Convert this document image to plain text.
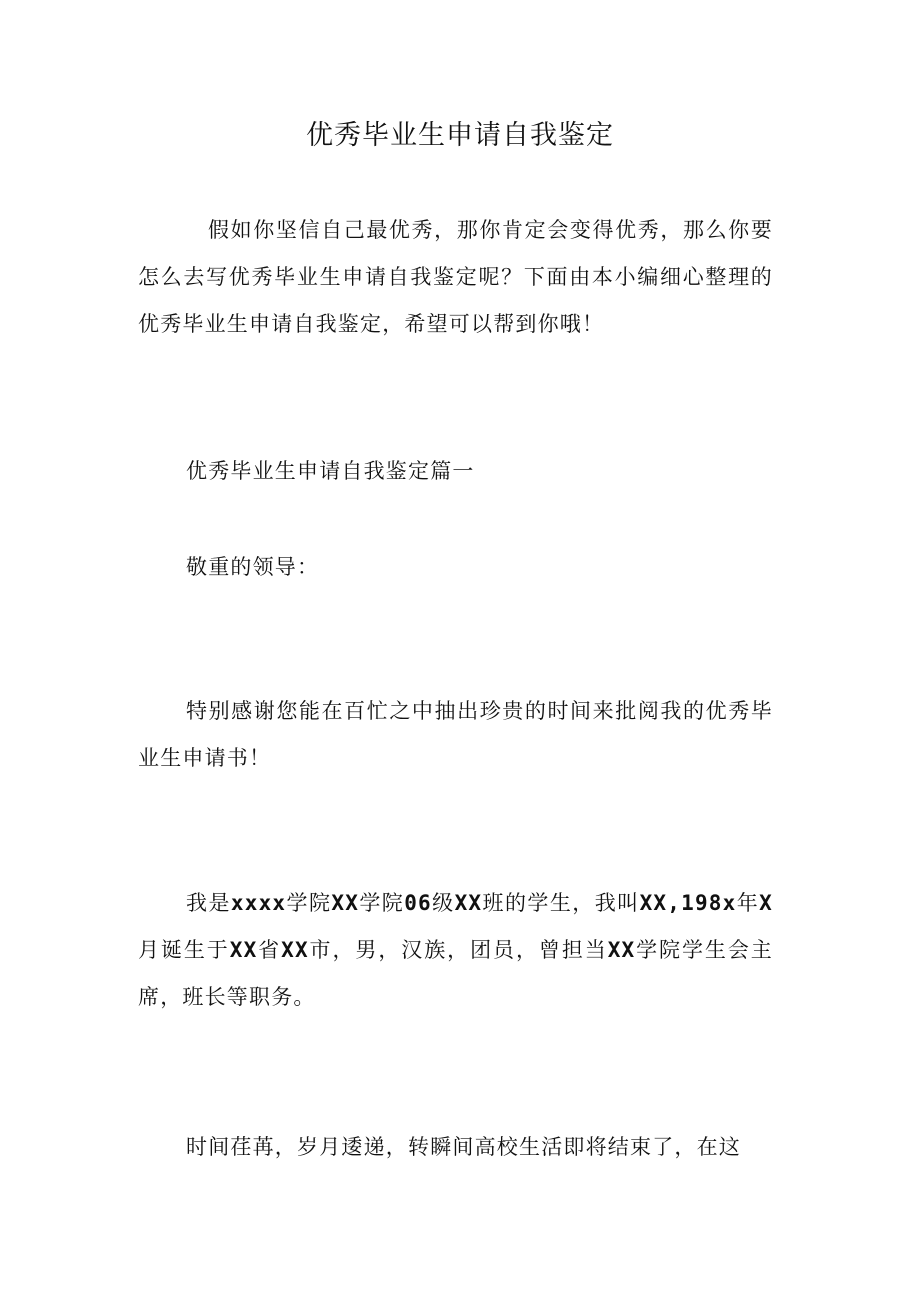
优秀毕业生申请自我鉴定
假如你坚信自己最优秀，那你肯定会变得优秀，那么你要怎么去写优秀毕业生申请自我鉴定呢？下面由本小编细心整理的优秀毕业生申请自我鉴定，希望可以帮到你哦！
优秀毕业生申请自我鉴定篇一
敬重的领导：
特别感谢您能在百忙之中抽出珍贵的时间来批阅我的优秀毕业生申请书！
我是xxxx学院XX学院06级XX班的学生，我叫XX,198x年X月诞生于XX省XX市，男，汉族，团员，曾担当XX学院学生会主席，班长等职务。
时间荏苒，岁月逶递，转瞬间高校生活即将结束了，在这
